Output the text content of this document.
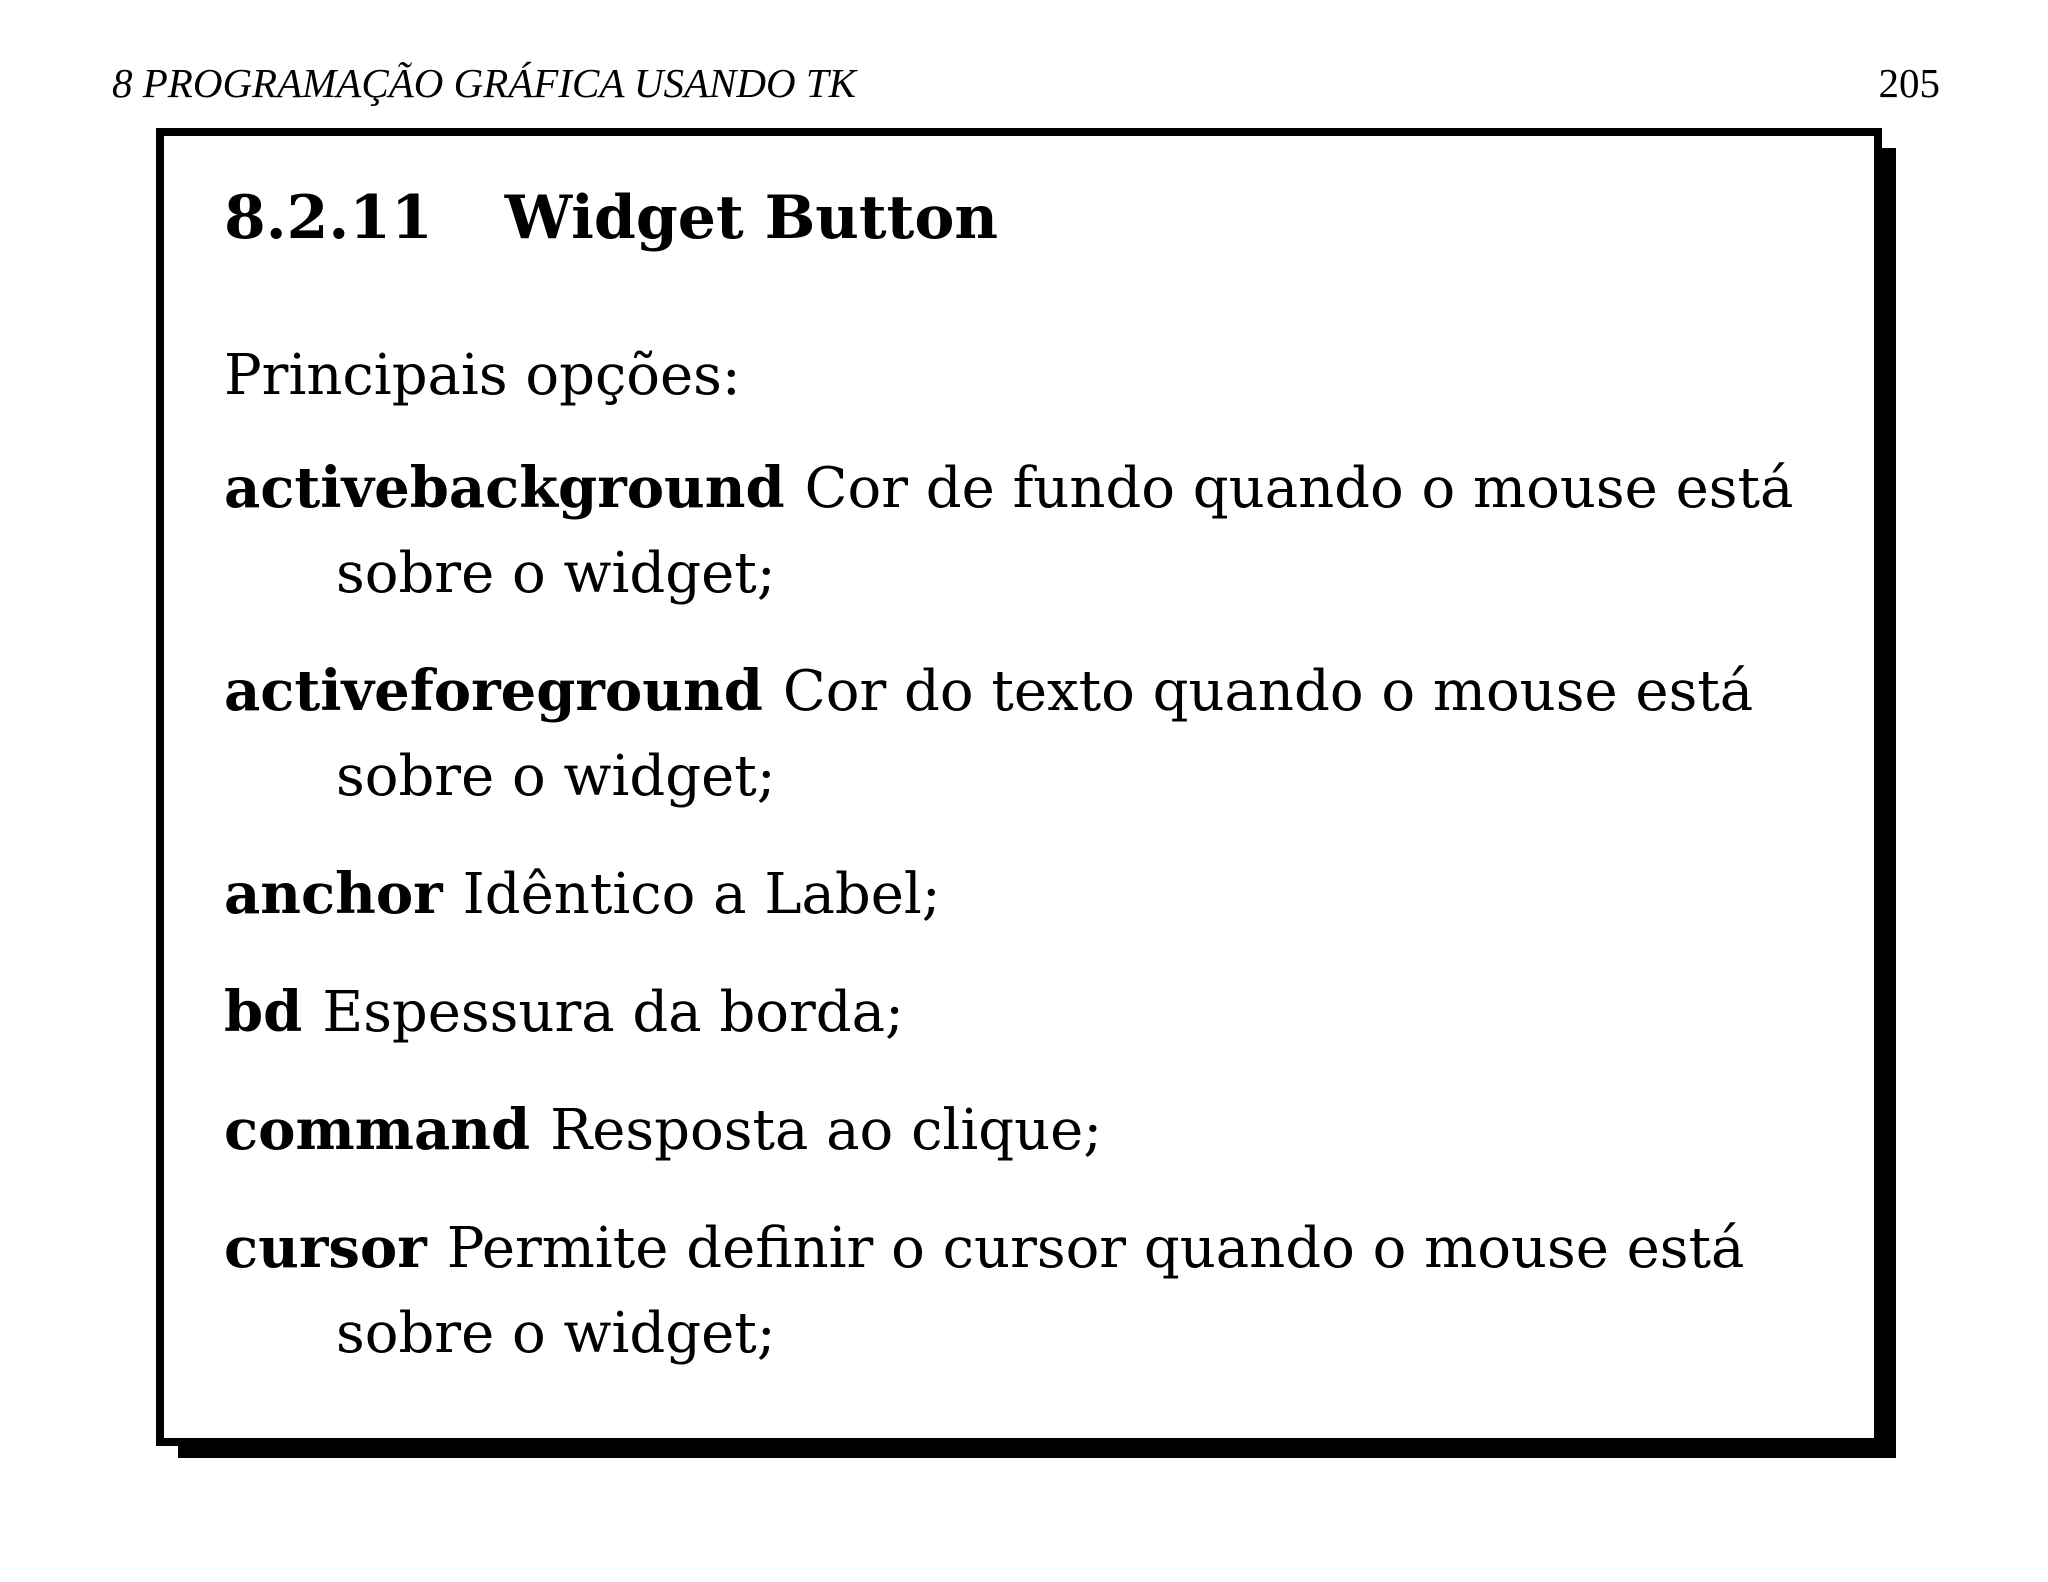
8 PROGRAMAÇÃO GRÁFICA USANDO TK	205
8.2.11 Widget Button
Principais opções:
activebackground Cor de fundo quando o mouse está sobre o widget;
activeforeground Cor do texto quando o mouse está sobre o widget;
anchor Idêntico a Label;
bd Espessura da borda;
command Resposta ao clique;
cursor Permite definir o cursor quando o mouse está sobre o widget;
